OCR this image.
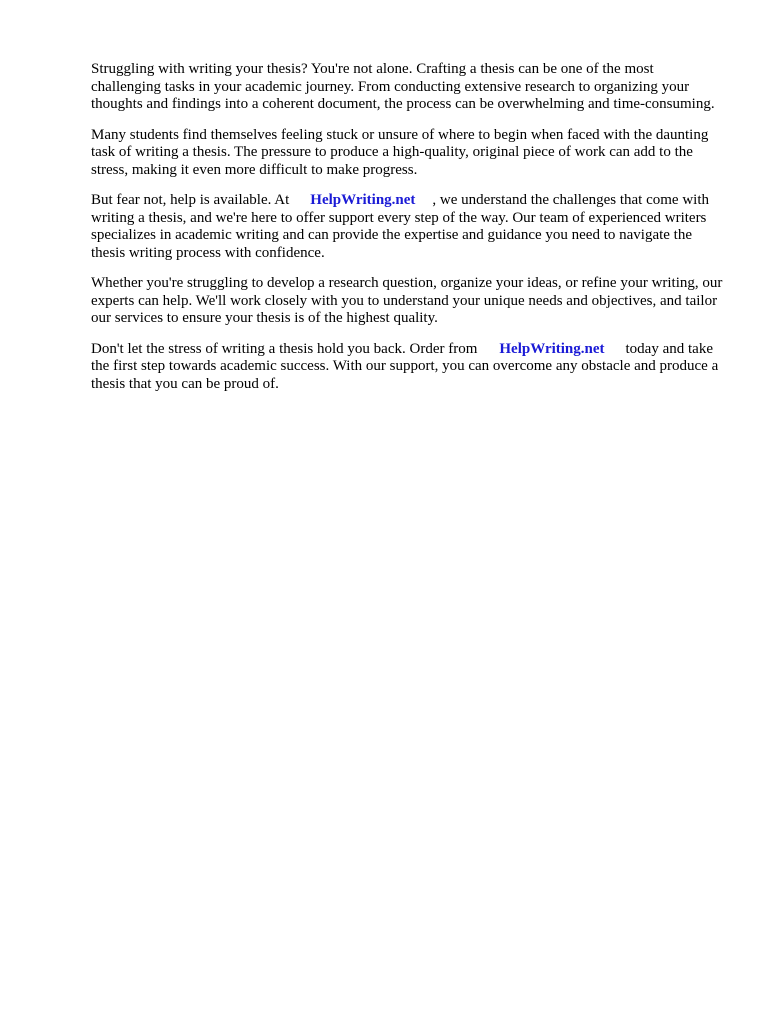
Struggling with writing your thesis? You're not alone. Crafting a thesis can be one of the most challenging tasks in your academic journey. From conducting extensive research to organizing your thoughts and findings into a coherent document, the process can be overwhelming and time-consuming.

Many students find themselves feeling stuck or unsure of where to begin when faced with the daunting task of writing a thesis. The pressure to produce a high-quality, original piece of work can add to the stress, making it even more difficult to make progress.

But fear not, help is available. At HelpWriting.net , we understand the challenges that come with writing a thesis, and we're here to offer support every step of the way. Our team of experienced writers specializes in academic writing and can provide the expertise and guidance you need to navigate the thesis writing process with confidence.

Whether you're struggling to develop a research question, organize your ideas, or refine your writing, our experts can help. We'll work closely with you to understand your unique needs and objectives, and tailor our services to ensure your thesis is of the highest quality.

Don't let the stress of writing a thesis hold you back. Order from HelpWriting.net today and take the first step towards academic success. With our support, you can overcome any obstacle and produce a thesis that you can be proud of.
